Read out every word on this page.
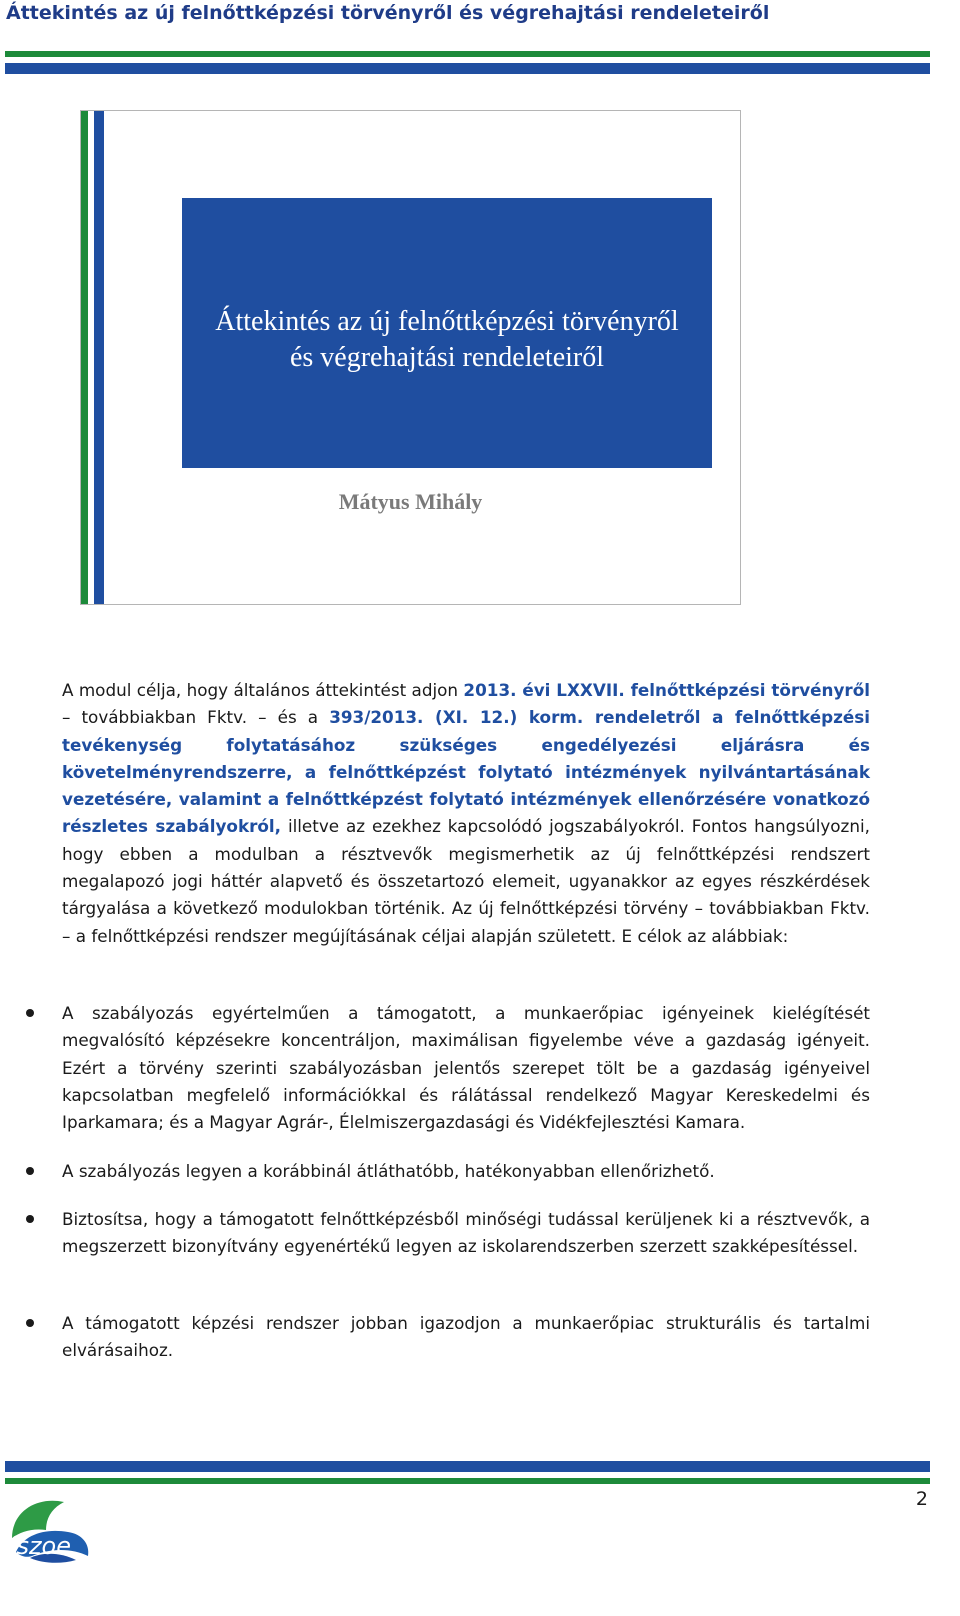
Áttekintés az új felnőttképzési törvényről és végrehajtási rendeleteiről
Áttekintés az új felnőttképzési törvényről
és végrehajtási rendeleteiről
Mátyus Mihály

A modul célja, hogy általános áttekintést adjon 2013. évi LXXVII. felnőttképzési törvényről – továbbiakban Fktv. – és a 393/2013. (XI. 12.) korm. rendeletről a felnőttképzési tevékenység folytatásához szükséges engedélyezési eljárásra és követelményrendszerre, a felnőttképzést folytató intézmények nyilvántartásának vezetésére, valamint a felnőttképzést folytató intézmények ellenőrzésére vonatkozó részletes szabályokról, illetve az ezekhez kapcsolódó jogszabályokról. Fontos hangsúlyozni, hogy ebben a modulban a résztvevők megismerhetik az új felnőttképzési rendszert megalapozó jogi háttér alapvető és összetartozó elemeit, ugyanakkor az egyes részkérdések tárgyalása a következő modulokban történik. Az új felnőttképzési törvény – továbbiakban Fktv. – a felnőttképzési rendszer megújításának céljai alapján született. E célok az alábbiak:

A szabályozás egyértelműen a támogatott, a munkaerőpiac igényeinek kielégítését megvalósító képzésekre koncentráljon, maximálisan figyelembe véve a gazdaság igényeit. Ezért a törvény szerinti szabályozásban jelentős szerepet tölt be a gazdaság igényeivel kapcsolatban megfelelő információkkal és rálátással rendelkező Magyar Kereskedelmi és Iparkamara; és a Magyar Agrár-, Élelmiszergazdasági és Vidékfejlesztési Kamara.

A szabályozás legyen a korábbinál átláthatóbb, hatékonyabban ellenőrizhető.

Biztosítsa, hogy a támogatott felnőttképzésből minőségi tudással kerüljenek ki a résztvevők, a megszerzett bizonyítvány egyenértékű legyen az iskolarendszerben szerzett szakképesítéssel.

A támogatott képzési rendszer jobban igazodjon a munkaerőpiac strukturális és tartalmi elvárásaihoz.

fszoe
2
